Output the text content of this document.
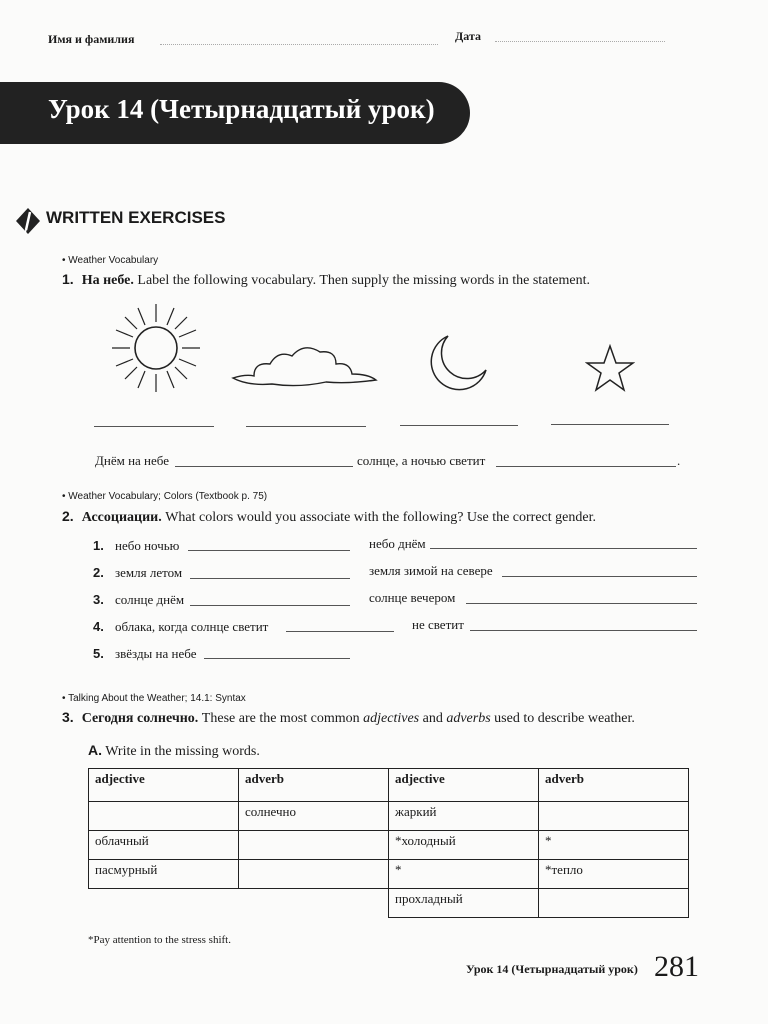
Имя и фамилия	Дата
Урок 14 (Четырнадцатый урок)
WRITTEN EXERCISES
• Weather Vocabulary
1. На небе. Label the following vocabulary. Then supply the missing words in the statement.
Днём на небе	солнце, а ночью светит	.
• Weather Vocabulary; Colors (Textbook p. 75)
2. Ассоциации. What colors would you associate with the following? Use the correct gender.
1. небо ночью	небо днём
2. земля летом	земля зимой на севере
3. солнце днём	солнце вечером
4. облака, когда солнце светит	не светит
5. звёзды на небе
• Talking About the Weather; 14.1: Syntax
3. Сегодня солнечно. These are the most common adjectives and adverbs used to describe weather.
A. Write in the missing words.
adjective	adverb	adjective	adverb
	солнечно	жаркий	
облачный		*холодный	*
пасмурный		*	*тепло
		прохладный	
*Pay attention to the stress shift.
Урок 14 (Четырнадцатый урок) 281
